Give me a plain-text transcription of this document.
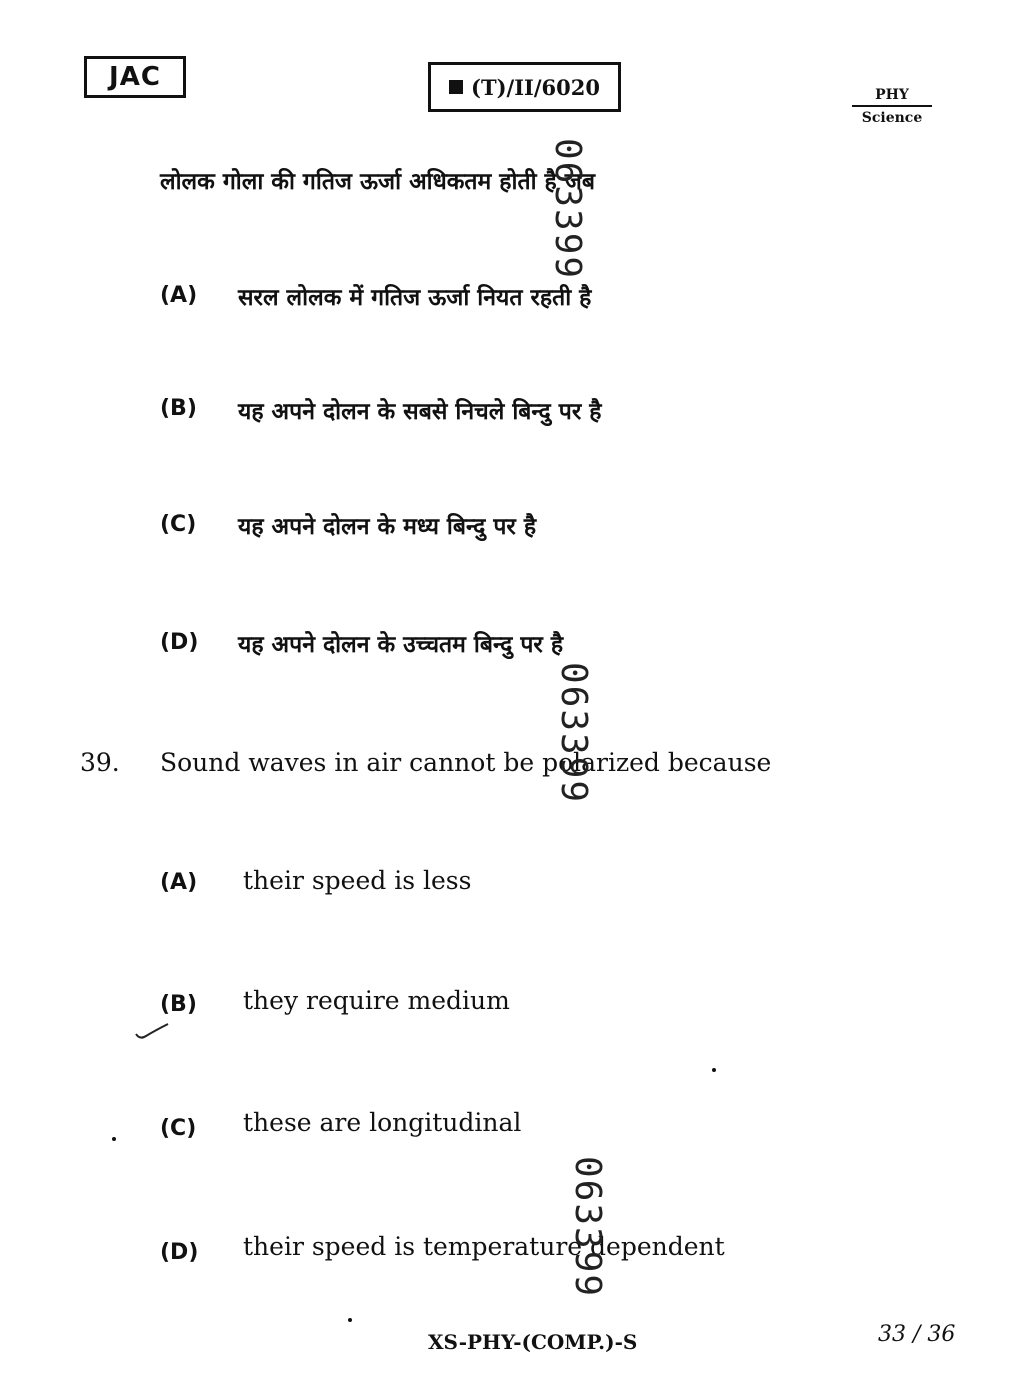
JAC	(T)/II/6020	PHY
Science
लोलक गोला की गतिज ऊर्जा अधिकतम होती है जब
(A) सरल लोलक में गतिज ऊर्जा नियत रहती है
(B) यह अपने दोलन के सबसे निचले बिन्दु पर है
(C) यह अपने दोलन के मध्य बिन्दु पर है
(D) यह अपने दोलन के उच्चतम बिन्दु पर है
39. Sound waves in air cannot be polarized because
(A) their speed is less
(B) they require medium
(C) these are longitudinal
(D) their speed is temperature dependent
063399
063399
063399
XS-PHY-(COMP.)-S	33 / 36
